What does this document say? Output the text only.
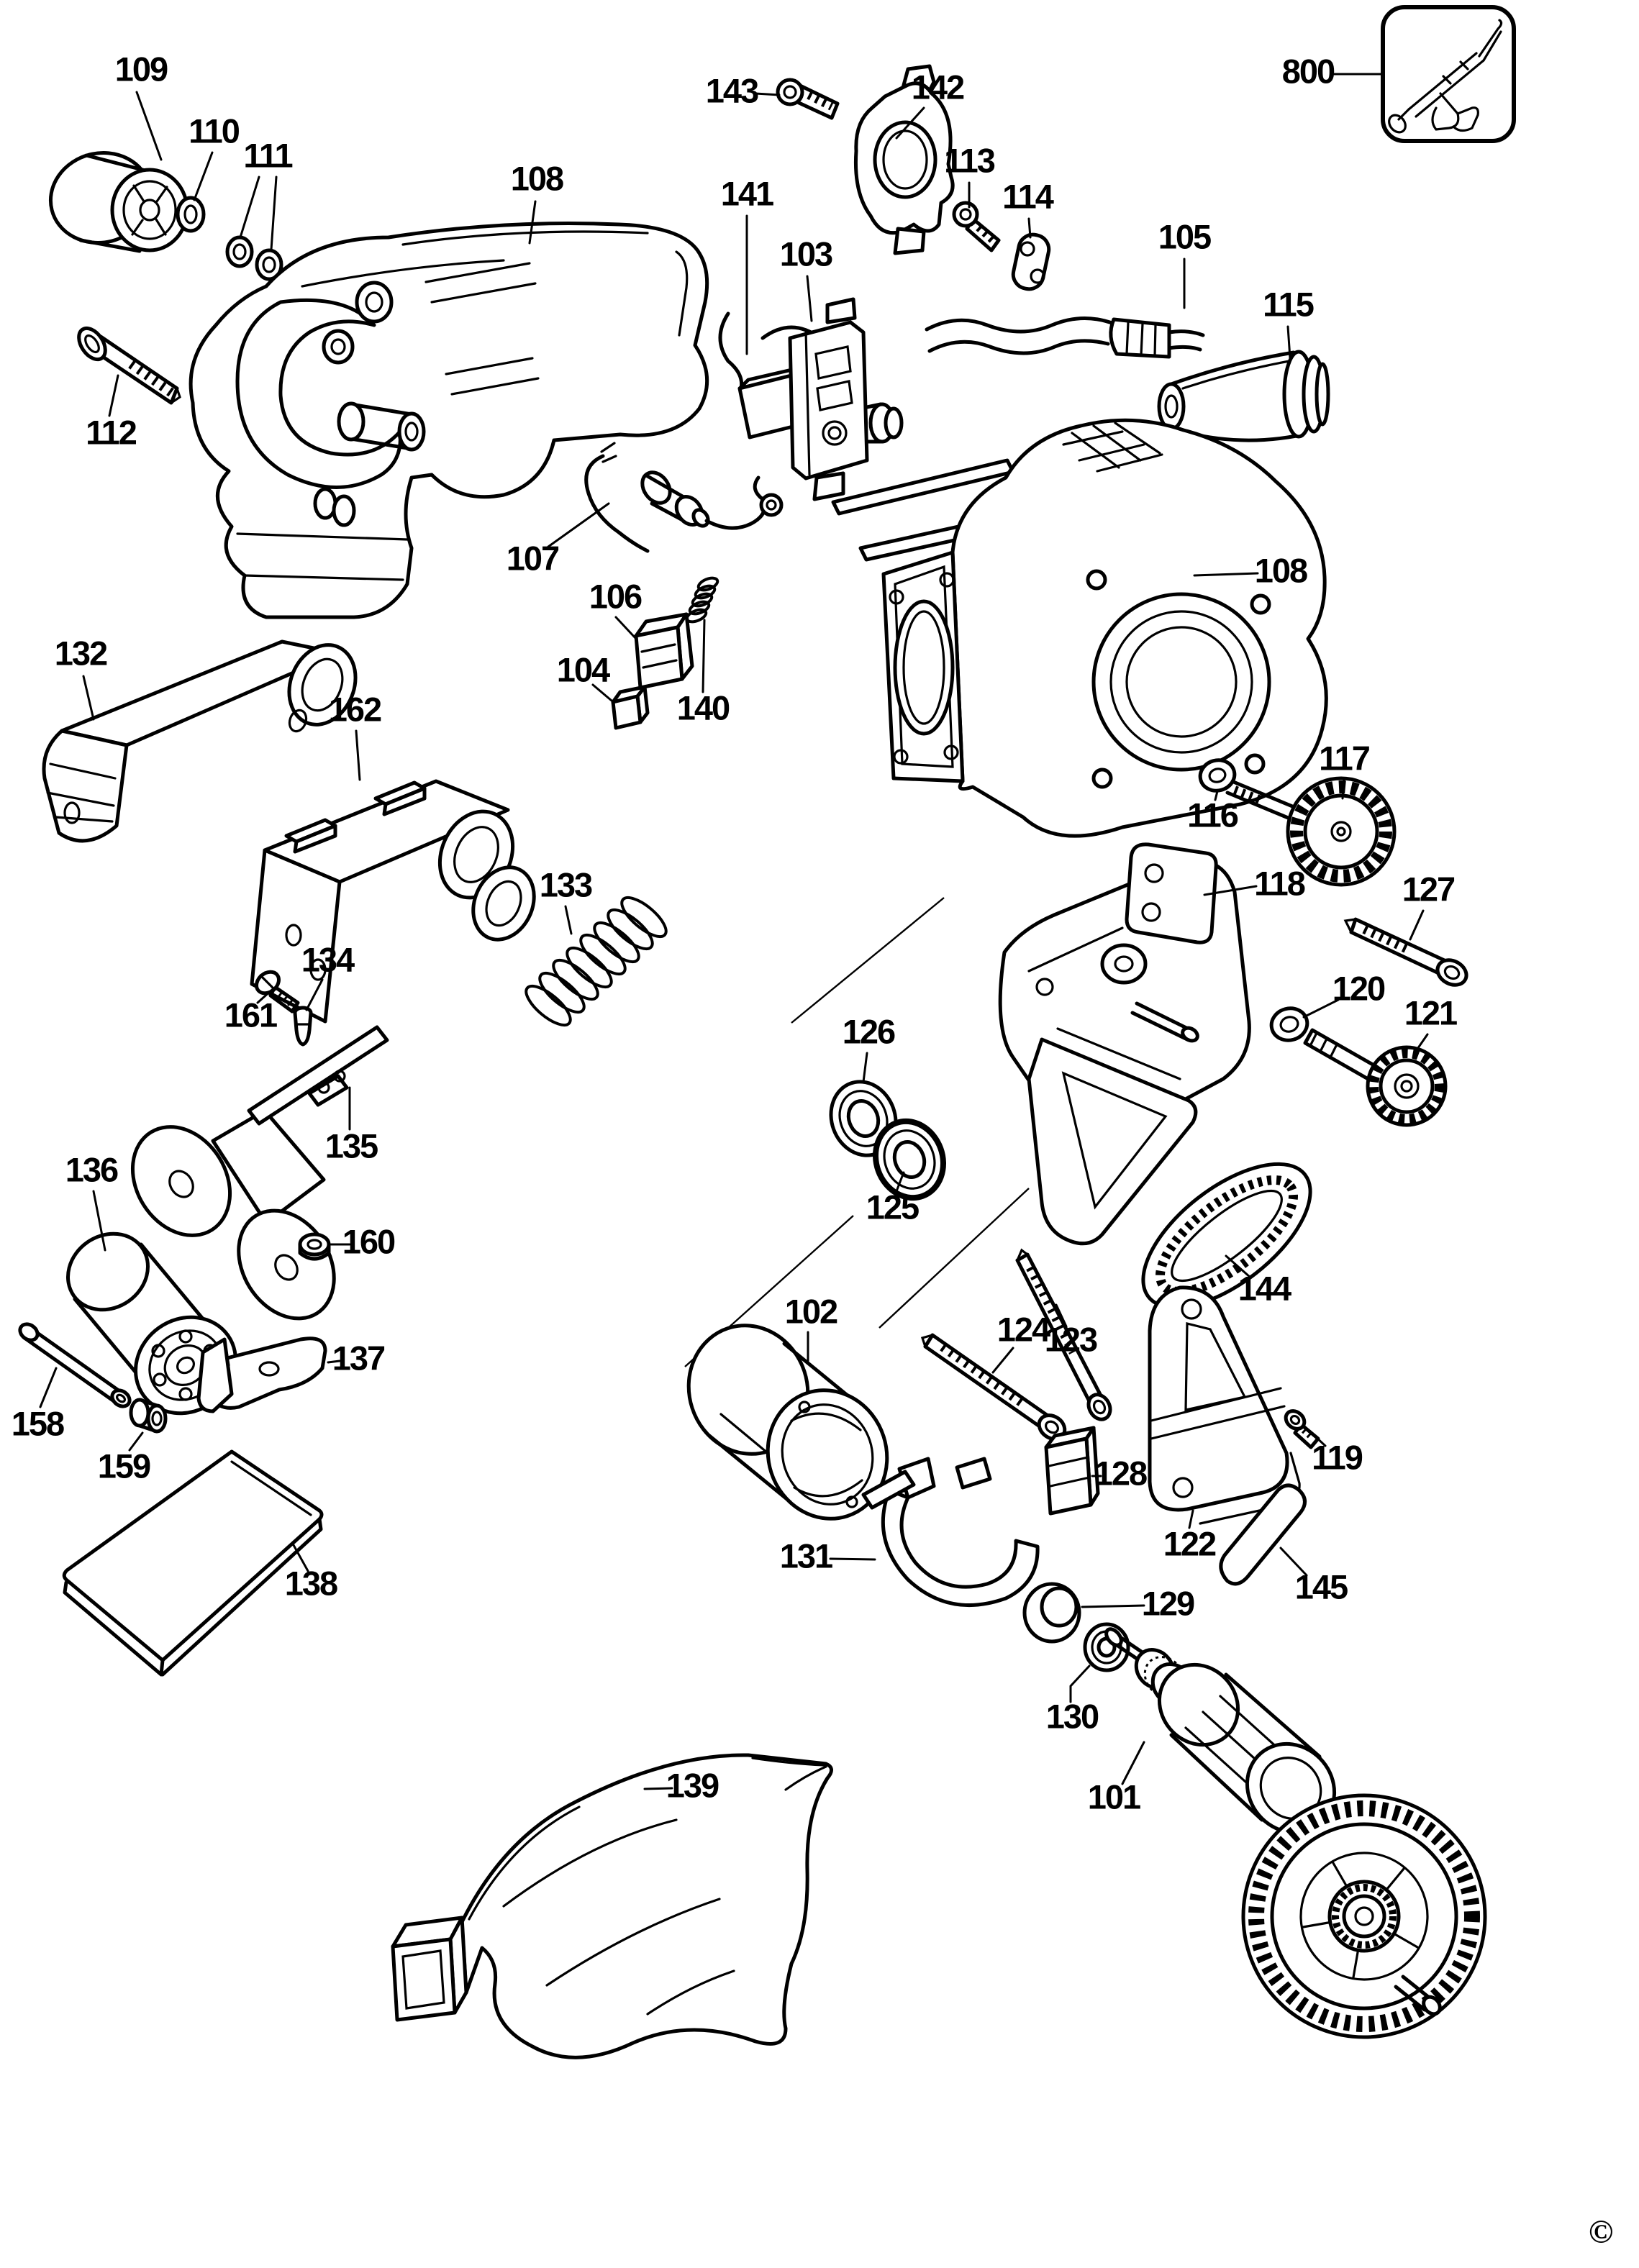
109
110
111
108
112
143	142
113
114
105
115
800
141
103
107
106
104
140
108
116
117
118	127
126
125
120
121
144
132
162
133
161
134
135
136
160
137
158
159
138
139
102	124
123
131
128
122
119
145
129
130
101
©
